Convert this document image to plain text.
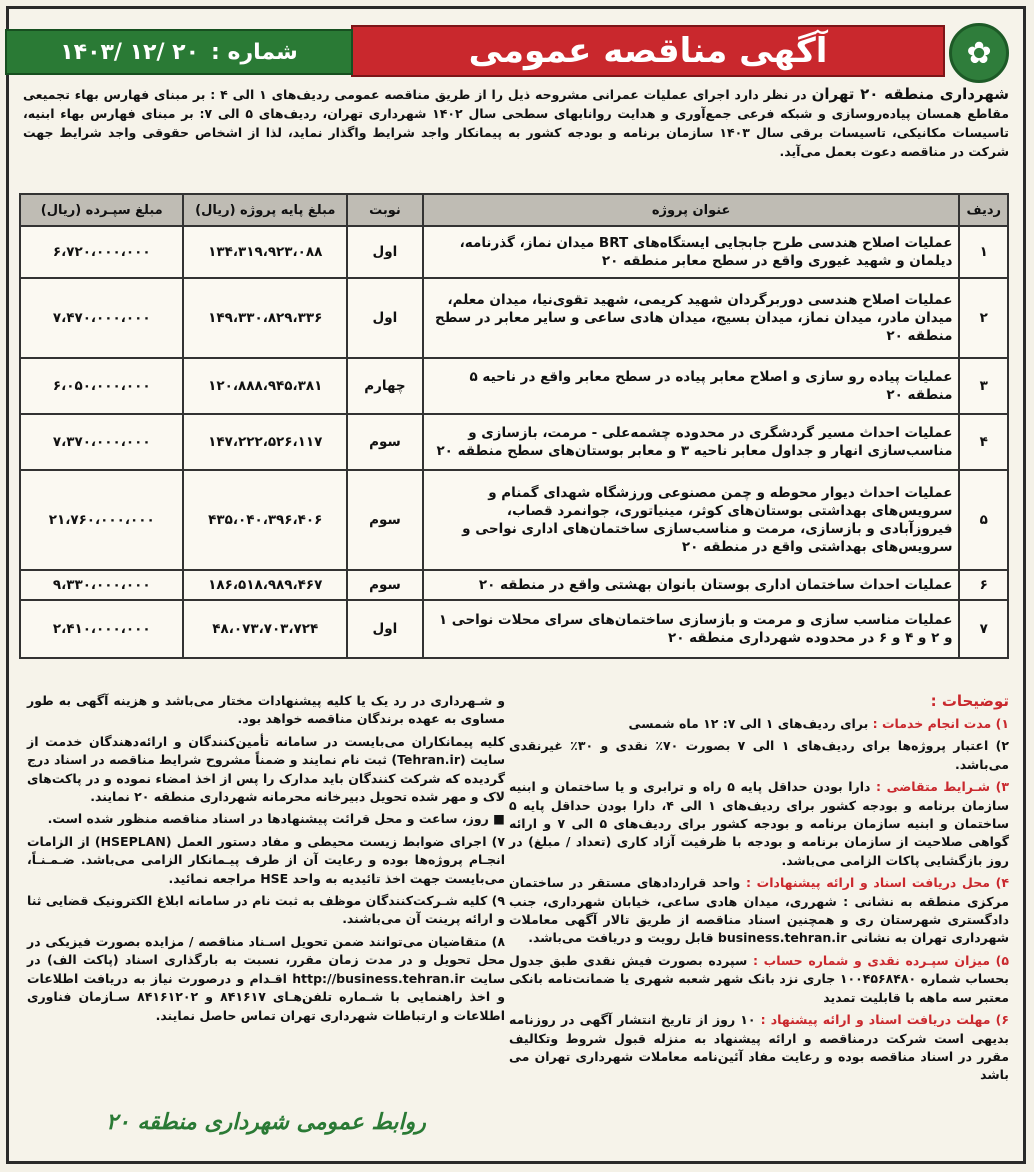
✿
آگهی مناقصه عمومی
شماره :
۱۴۰۳/ ۱۲/ ۲۰
شهرداری منطقه ۲۰ تهران در نظر دارد اجرای عملیات عمرانی مشروحه ذیل را از طریق مناقصه عمومی ردیف‌های ۱ الی ۴ : بر مبنای فهارس بهاء تجمیعی مقاطع همسان پیاده‌روسازی و شبکه فرعی جمع‌آوری و هدایت روانابهای سطحی سال ۱۴۰۲ شهرداری تهران، ردیف‌های ۵ الی ۷: بر مبنای فهارس بهاء ابنیه، تاسیسات مکانیکی، تاسیسات برقی سال ۱۴۰۳ سازمان برنامه و بودجه کشور به پیمانکار واجد شرایط واگذار نماید، لذا از اشخاص حقوقی واجد شرایط جهت شرکت در مناقصه دعوت بعمل می‌آید.
ردیف	عنوان پروژه	نوبت	مبلغ پایه پروژه (ریال)	مبلغ سپـرده (ریال)
۱	عملیات اصلاح هندسی طرح جابجایی ایستگاه‌های BRT میدان نماز، گذرنامه، دیلمان و شهید غیوری واقع در سطح معابر منطقه ۲۰	اول	۱۳۴،۳۱۹،۹۲۳،۰۸۸	۶،۷۲۰،۰۰۰،۰۰۰
۲	عملیات اصلاح هندسی دوربرگردان شهید کریمی، شهید تقوی‌نیا، میدان معلم، میدان مادر، میدان نماز، میدان بسیج، میدان هادی ساعی و سایر معابر در سطح منطقه ۲۰	اول	۱۴۹،۳۳۰،۸۲۹،۳۳۶	۷،۴۷۰،۰۰۰،۰۰۰
۳	عملیات پیاده رو سازی و اصلاح معابر پیاده در سطح معابر واقع در ناحیه ۵ منطقه ۲۰	چهارم	۱۲۰،۸۸۸،۹۴۵،۳۸۱	۶،۰۵۰،۰۰۰،۰۰۰
۴	عملیات احداث مسیر گردشگری در محدوده چشمه‌علی - مرمت، بازسازی و مناسب‌سازی انهار و جداول معابر ناحیه ۳ و معابر بوستان‌های سطح منطقه ۲۰	سوم	۱۴۷،۲۲۲،۵۲۶،۱۱۷	۷،۳۷۰،۰۰۰،۰۰۰
۵	عملیات احداث دیوار محوطه و چمن مصنوعی ورزشگاه شهدای گمنام و سرویس‌های بهداشتی بوستان‌های کوثر، مینیاتوری، جوانمرد قصاب، فیروزآبادی و بازسازی، مرمت و مناسب‌سازی ساختمان‌های اداری نواحی و سرویس‌های بهداشتی واقع در منطقه ۲۰	سوم	۴۳۵،۰۴۰،۳۹۶،۴۰۶	۲۱،۷۶۰،۰۰۰،۰۰۰
۶	عملیات احداث ساختمان اداری بوستان بانوان بهشتی واقع در منطقه ۲۰	سوم	۱۸۶،۵۱۸،۹۸۹،۴۶۷	۹،۳۳۰،۰۰۰،۰۰۰
۷	عملیات مناسب سازی و مرمت و بازسازی ساختمان‌های سرای محلات نواحی ۱ و ۲ و ۴ و ۶ در محدوده شهرداری منطقه ۲۰	اول	۴۸،۰۷۳،۷۰۳،۷۲۴	۲،۴۱۰،۰۰۰،۰۰۰
توضیحات :

۱) مدت انجام خدمات : برای ردیف‌های ۱ الی ۷: ۱۲ ماه شمسی

۲) اعتبار پروژه‌ها برای ردیف‌های ۱ الی ۷ بصورت ۷۰٪ نقدی و ۳۰٪ غیرنقدی می‌باشد.

۳) شـرایط متقاضی : دارا بودن حداقل پایه ۵ راه و ترابری و یا ساختمان و ابنیه سازمان برنامه و بودجه کشور برای ردیف‌های ۱ الی ۴، دارا بودن حداقل پایه ۵ ساختمان و ابنیه سازمان برنامه و بودجه کشور برای ردیف‌های ۵ الی ۷ و ارائه گواهی صلاحیت از سازمان برنامه و بودجه با ظرفیت آزاد کاری (تعداد / مبلغ) در روز بازگشایی پاکات الزامی می‌باشد.

۴) محل دریافت اسناد و ارائه پیشنهادات : واحد قراردادهای مستقر در ساختمان مرکزی منطقه به نشانی : شهرری، میدان هادی ساعی، خیابان شهرداری، جنب دادگستری شهرستان ری و همچنین اسناد مناقصه از طریق تالار آگهی معاملات شهرداری تهران به نشانی business.tehran.ir قابل رویت و دریافت می‌باشد.

۵) میزان سپـرده نقدی و شماره حساب : سپرده بصورت فیش نقدی طبق جدول بحساب شماره ۱۰۰۴۵۶۸۴۸۰ جاری نزد بانک شهر شعبه شهری یا ضمانت‌نامه بانکی معتبر سه ماهه با قابلیت تمدید

۶) مهلت دریافت اسناد و ارائه پیشنهاد : ۱۰ روز از تاریخ انتشار آگهی در روزنامه بدیهی است شرکت درمناقصه و ارائه پیشنهاد به منزله قبول شروط وتکالیف مقرر در اسناد مناقصه بوده و رعایت مفاد آئین‌نامه معاملات شهرداری تهران می باشد

و شـهرداری در رد یک یا کلیه پیشنهادات مختار می‌باشد و هزینه آگهی به طور مساوی به عهده برندگان مناقصه خواهد بود.

کلیه پیمانکاران می‌بایست در سامانه تأمین‌کنندگان و ارائه‌دهندگان خدمت از سایت (Tehran.ir) ثبت نام نمایند و ضمناً مشروح شرایط مناقصه در اسناد درج گردیده که شرکت کنندگان باید مدارک را پس از اخذ امضاء نموده و در پاکت‌های لاک و مهر شده تحویل دبیرخانه محرمانه شهرداری منطقه ۲۰ نمایند.

■ روز، ساعت و محل قرائت پیشنهادها در اسناد مناقصه منظور شده است.

۷) اجرای ضوابط زیست محیطی و مفاد دستور العمل (HSEPLAN) از الزامات انجـام پروژه‌ها بوده و رعایت آن از طرف پیـمانکار الزامی می‌باشد. ضـمـنـاً، می‌بایست جهت اخذ تائیدیه به واحد HSE مراجعه نمائید.

۹) کلیه شـرکت‌کنندگان موظف به ثبت نام در سامانه ابلاغ الکترونیک قضایی ثنا و ارائه پرینت آن می‌باشند.

۸) متقاضیان می‌توانند ضمن تحویل اسـناد مناقصه / مزایده بصورت فیزیکی در محل تحویل و در مدت زمان مقرر، نسبت به بارگذاری اسناد (پاکت الف) در سایت http://business.tehran.ir اقـدام و درصورت نیاز به دریافت اطلاعات و اخذ راهنمایی با شـماره تلفن‌هـای ۸۴۱۶۱۷ و ۸۴۱۶۱۲۰۲ سـازمان فناوری اطلاعات و ارتباطات شهرداری تهران تماس حاصل نمایند.

روابط عمومی شهرداری منطقه ۲۰
